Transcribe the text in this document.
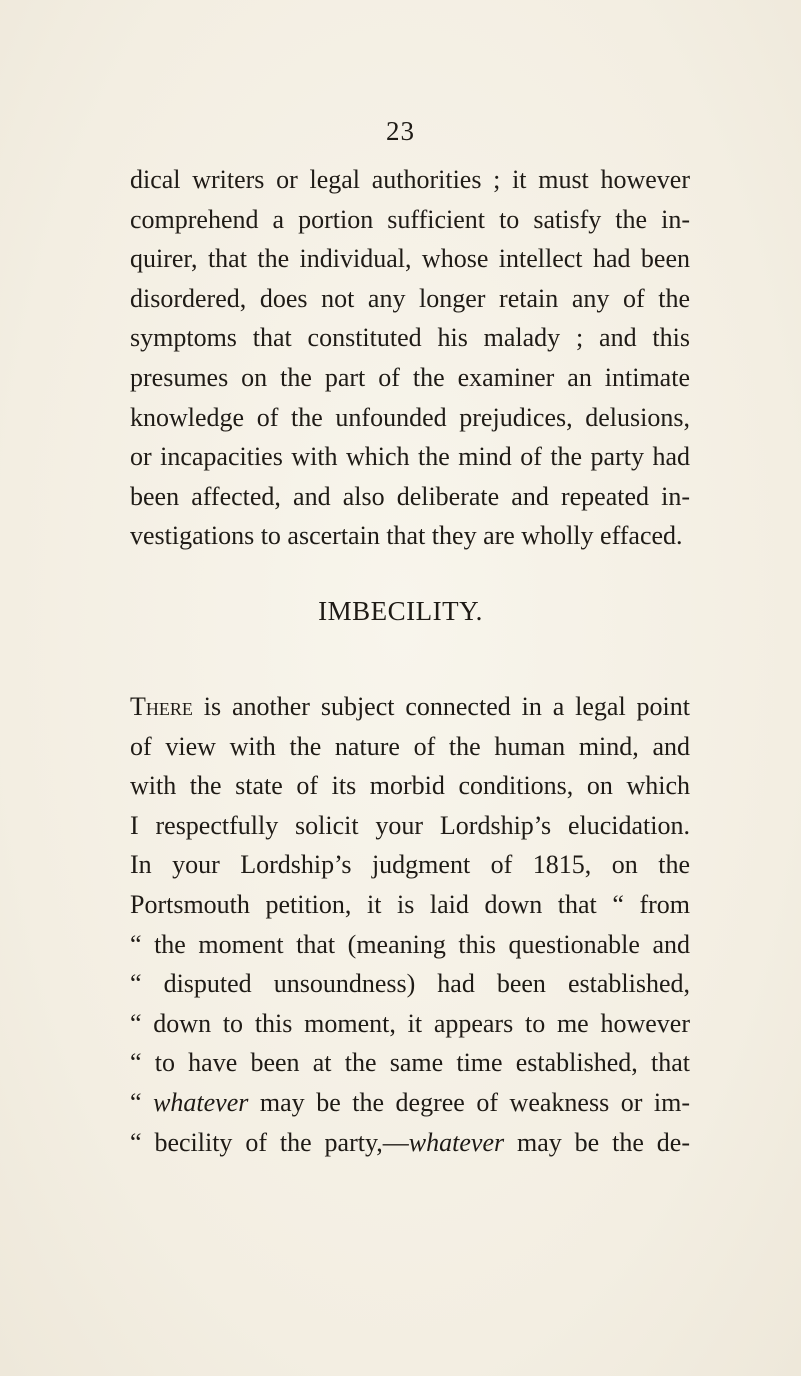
23
dical writers or legal authorities ; it must however
comprehend a portion sufficient to satisfy the in-
quirer, that the individual, whose intellect had been
disordered, does not any longer retain any of the
symptoms that constituted his malady ; and this
presumes on the part of the examiner an intimate
knowledge of the unfounded prejudices, delusions,
or incapacities with which the mind of the party had
been affected, and also deliberate and repeated in-
vestigations to ascertain that they are wholly effaced.
IMBECILITY.
There is another subject connected in a legal point
of view with the nature of the human mind, and
with the state of its morbid conditions, on which
I respectfully solicit your Lordship’s elucidation.
In your Lordship’s judgment of 1815, on the
Portsmouth petition, it is laid down that “ from
“ the moment that (meaning this questionable and
“ disputed unsoundness) had been established,
“ down to this moment, it appears to me however
“ to have been at the same time established, that
“ whatever may be the degree of weakness or im-
“ becility of the party,—whatever may be the de-
